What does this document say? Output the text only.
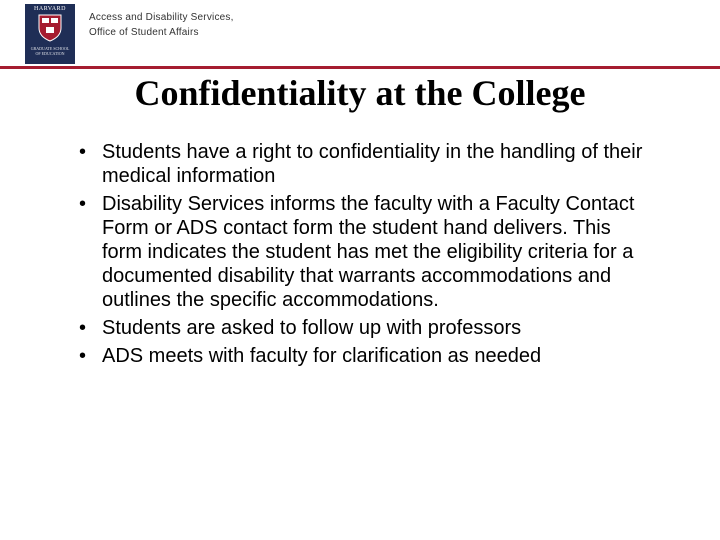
HARVARD
GRADUATE SCHOOL
OF EDUCATION
Access and Disability Services,
Office of Student Affairs
Confidentiality at the College
• Students have a right to confidentiality in the handling of their medical information
• Disability Services informs the faculty with a Faculty Contact Form or ADS contact form the student hand delivers. This form indicates the student has met the eligibility criteria for a documented disability that warrants accommodations and outlines the specific accommodations.
• Students are asked to follow up with professors
• ADS meets with faculty for clarification as needed
